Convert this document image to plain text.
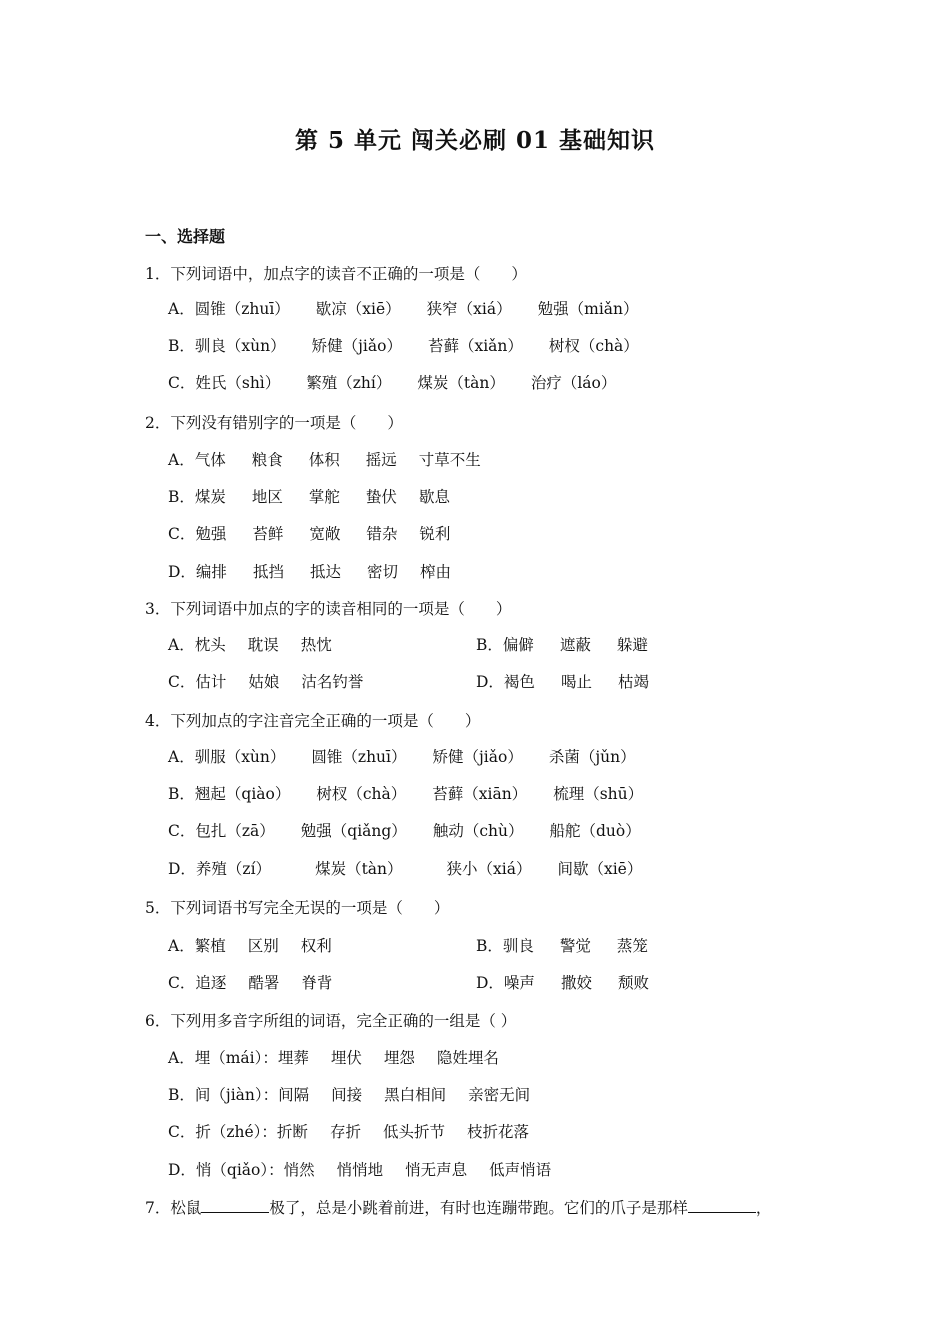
第 5 单元 闯关必刷 01 基础知识
一、选择题
1．下列词语中，加点字的读音不正确的一项是（　　）
A．圆锥（zhuī） 歇凉（xiē） 狭窄（xiá） 勉强（miǎn）
B．驯良（xùn） 矫健（jiǎo） 苔藓（xiǎn） 树杈（chà）
C．姓氏（shì） 繁殖（zhí） 煤炭（tàn） 治疗（láo）
2．下列没有错别字的一项是（　　）
A．气体 粮食 体积 摇远 寸草不生
B．煤炭 地区 掌舵 蛰伏 歇息
C．勉强 苔鲜 宽敞 错杂 锐利
D．编排 抵挡 抵达 密切 榨由
3．下列词语中加点的字的读音相同的一项是（　　）
A．枕头 耽误 热忱	B．偏僻 遮蔽 躲避
C．估计 姑娘 沽名钓誉	D．褐色 喝止 枯竭
4．下列加点的字注音完全正确的一项是（　　）
A．驯服（xùn） 圆锥（zhuī） 矫健（jiǎo） 杀菌（jǔn）
B．翘起（qiào） 树杈（chà） 苔藓（xiān） 梳理（shū）
C．包扎（zā） 勉强（qiǎng） 触动（chù） 船舵（duò）
D．养殖（zí）	煤炭（tàn）	狭小（xiá） 间歇（xiē）
5．下列词语书写完全无误的一项是（　　）
A．繁植 区别 权利	B．驯良 警觉 蒸笼
C．追逐 酷署 脊背	D．噪声 撒姣 颓败
6．下列用多音字所组的词语，完全正确的一组是（ ）
A．埋（mái）：埋葬 埋伏 埋怨 隐姓埋名
B．间（jiàn）：间隔 间接 黑白相间 亲密无间
C．折（zhé）：折断 存折 低头折节 枝折花落
D．悄（qiǎo）：悄然 悄悄地 悄无声息 低声悄语
7．松鼠	极了，总是小跳着前进，有时也连蹦带跑。它们的爪子是那样	，
